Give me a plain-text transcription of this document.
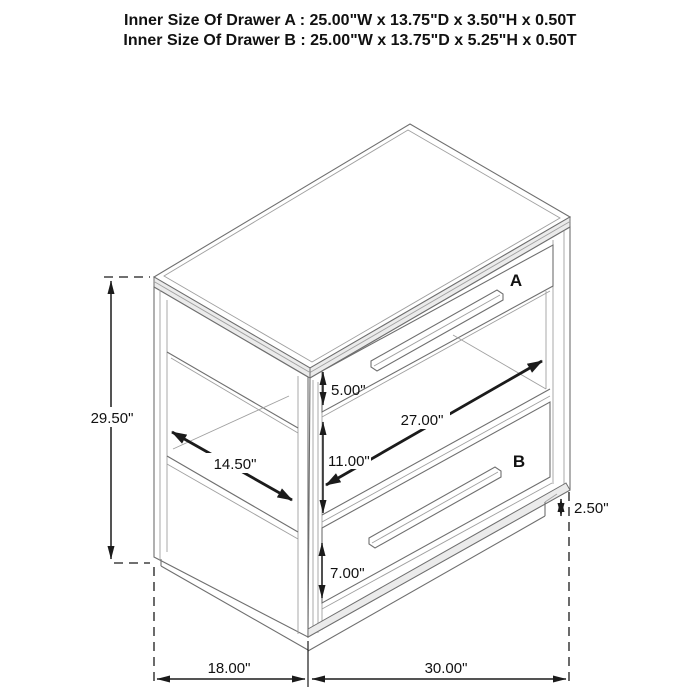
29.50"
14.50"
5.00"
27.00"
11.00"
7.00"
2.50"
18.00"	30.00"
A
B
Inner Size Of Drawer A : 25.00"W x 13.75"D x 3.50"H x 0.50T
Inner Size Of Drawer B : 25.00"W x 13.75"D x 5.25"H x 0.50T
